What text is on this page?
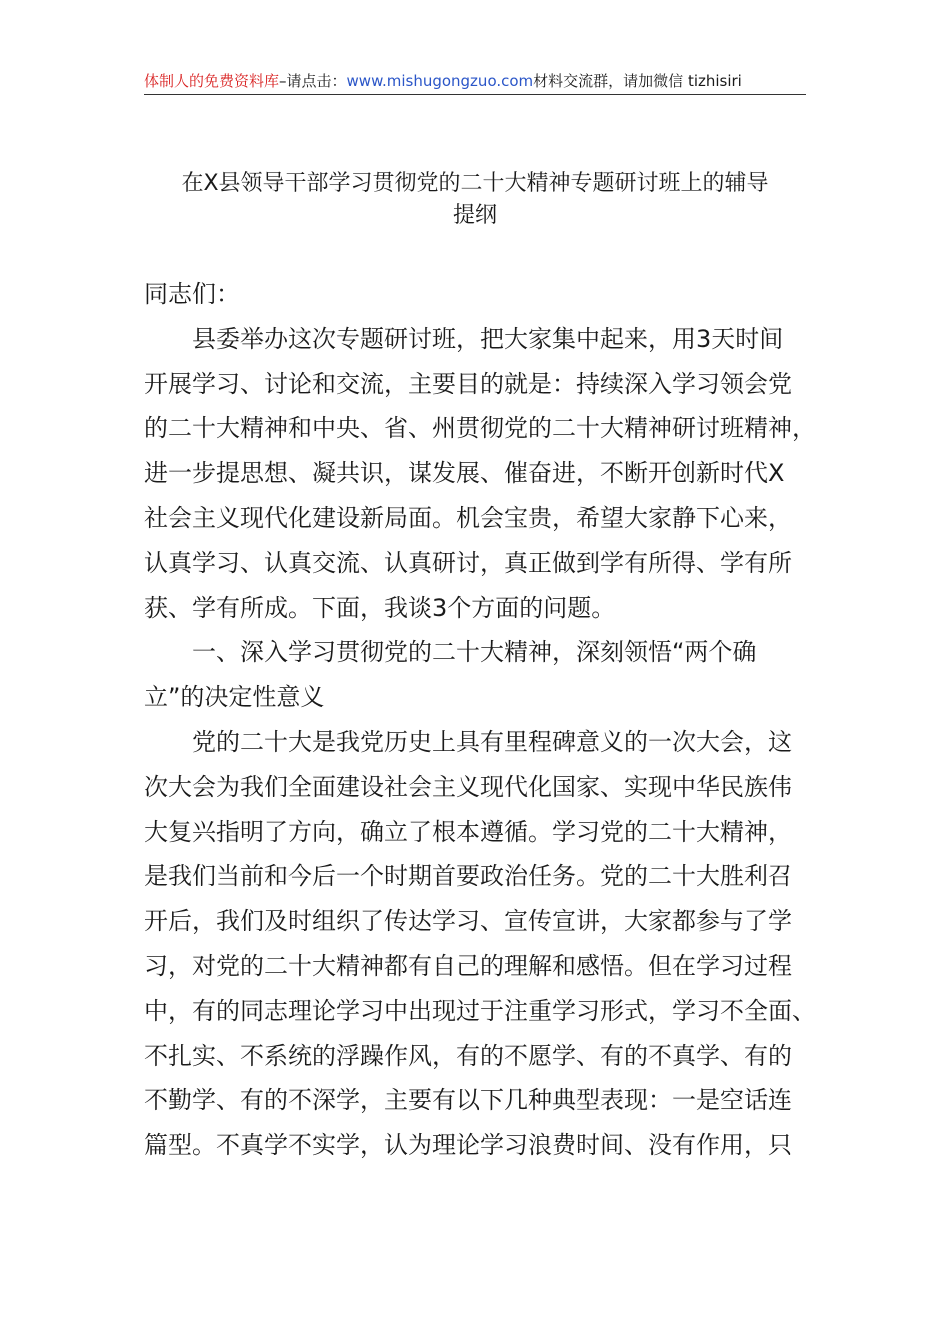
体制人的免费资料库–请点击：www.mishugongzuo.com材料交流群，请加微信 tizhisiri
在X县领导干部学习贯彻党的二十大精神专题研讨班上的辅导
提纲
同志们：
县委举办这次专题研讨班，把大家集中起来，用3天时间
开展学习、讨论和交流，主要目的就是：持续深入学习领会党
的二十大精神和中央、省、州贯彻党的二十大精神研讨班精神，
进一步提思想、凝共识，谋发展、催奋进，不断开创新时代X
社会主义现代化建设新局面。机会宝贵，希望大家静下心来，
认真学习、认真交流、认真研讨，真正做到学有所得、学有所
获、学有所成。下面，我谈3个方面的问题。
一、深入学习贯彻党的二十大精神，深刻领悟“两个确
立”的决定性意义
党的二十大是我党历史上具有里程碑意义的一次大会，这
次大会为我们全面建设社会主义现代化国家、实现中华民族伟
大复兴指明了方向，确立了根本遵循。学习党的二十大精神，
是我们当前和今后一个时期首要政治任务。党的二十大胜利召
开后，我们及时组织了传达学习、宣传宣讲，大家都参与了学
习，对党的二十大精神都有自己的理解和感悟。但在学习过程
中，有的同志理论学习中出现过于注重学习形式，学习不全面、
不扎实、不系统的浮躁作风，有的不愿学、有的不真学、有的
不勤学、有的不深学，主要有以下几种典型表现：一是空话连
篇型。不真学不实学，认为理论学习浪费时间、没有作用，只
